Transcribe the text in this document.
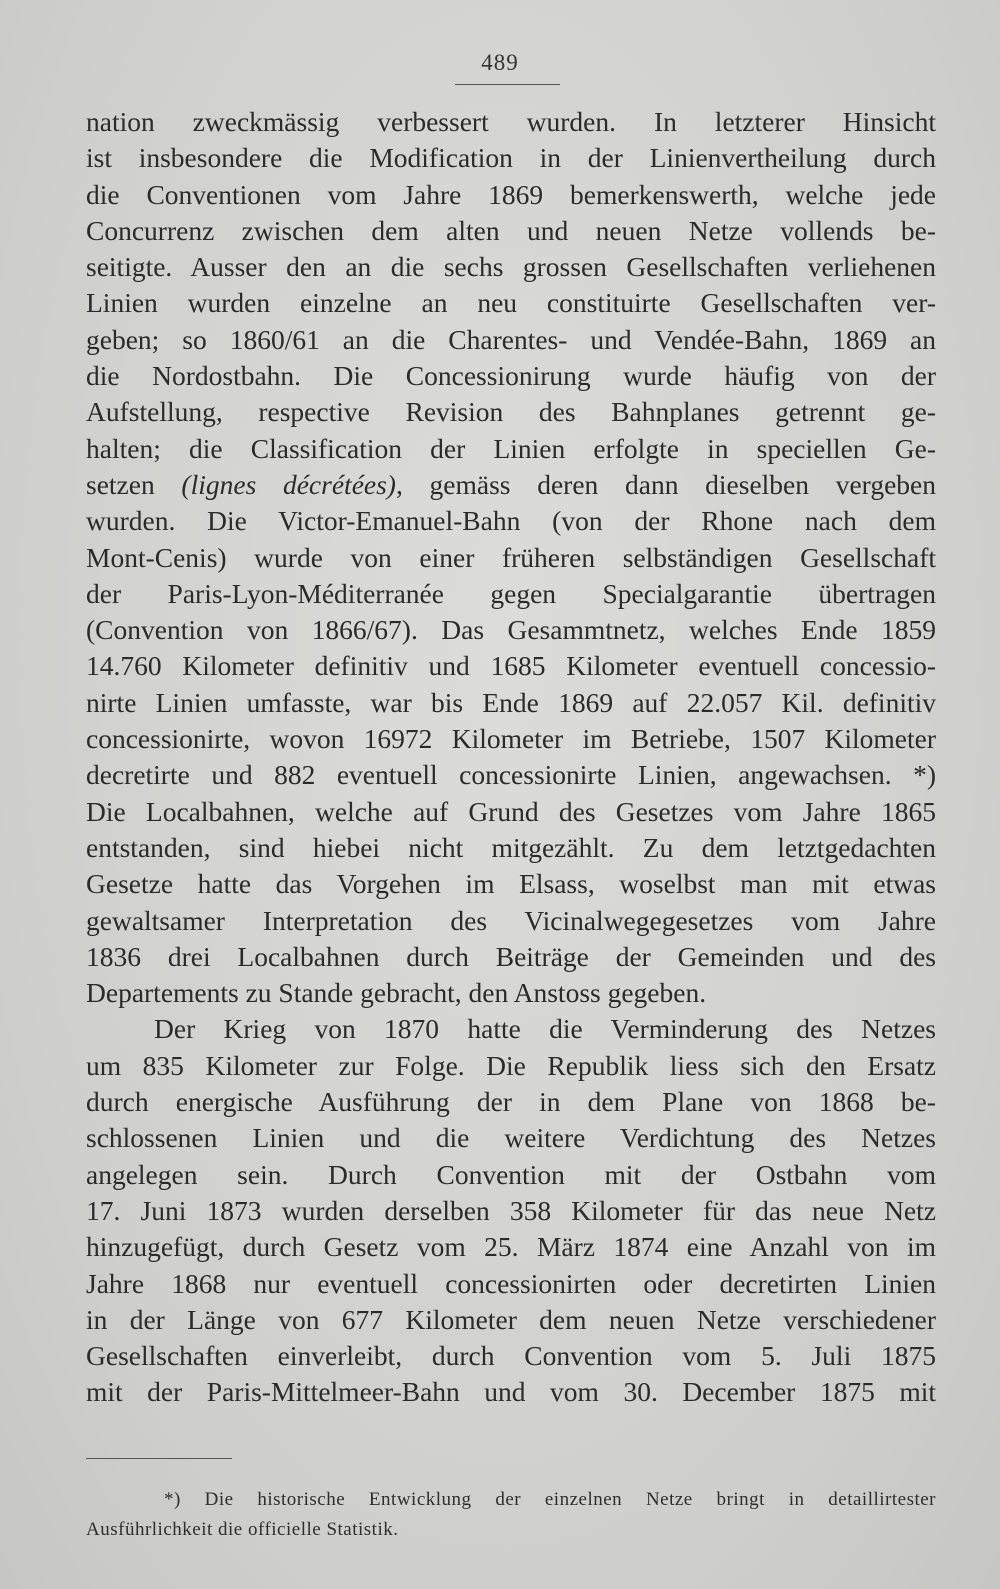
489
nation zweckmässig verbessert wurden. In letzterer Hinsicht
ist insbesondere die Modification in der Linienvertheilung durch
die Conventionen vom Jahre 1869 bemerkenswerth, welche jede
Concurrenz zwischen dem alten und neuen Netze vollends be-
seitigte. Ausser den an die sechs grossen Gesellschaften verliehenen
Linien wurden einzelne an neu constituirte Gesellschaften ver-
geben; so 1860/61 an die Charentes- und Vendée-Bahn, 1869 an
die Nordostbahn. Die Concessionirung wurde häufig von der
Aufstellung, respective Revision des Bahnplanes getrennt ge-
halten; die Classification der Linien erfolgte in speciellen Ge-
setzen (lignes décrétées), gemäss deren dann dieselben vergeben
wurden. Die Victor-Emanuel-Bahn (von der Rhone nach dem
Mont-Cenis) wurde von einer früheren selbständigen Gesellschaft
der Paris-Lyon-Méditerranée gegen Specialgarantie übertragen
(Convention von 1866/67). Das Gesammtnetz, welches Ende 1859
14.760 Kilometer definitiv und 1685 Kilometer eventuell concessio-
nirte Linien umfasste, war bis Ende 1869 auf 22.057 Kil. definitiv
concessionirte, wovon 16972 Kilometer im Betriebe, 1507 Kilometer
decretirte und 882 eventuell concessionirte Linien, angewachsen. *)
Die Localbahnen, welche auf Grund des Gesetzes vom Jahre 1865
entstanden, sind hiebei nicht mitgezählt. Zu dem letztgedachten
Gesetze hatte das Vorgehen im Elsass, woselbst man mit etwas
gewaltsamer Interpretation des Vicinalwegegesetzes vom Jahre
1836 drei Localbahnen durch Beiträge der Gemeinden und des
Departements zu Stande gebracht, den Anstoss gegeben.
Der Krieg von 1870 hatte die Verminderung des Netzes
um 835 Kilometer zur Folge. Die Republik liess sich den Ersatz
durch energische Ausführung der in dem Plane von 1868 be-
schlossenen Linien und die weitere Verdichtung des Netzes
angelegen sein. Durch Convention mit der Ostbahn vom
17. Juni 1873 wurden derselben 358 Kilometer für das neue Netz
hinzugefügt, durch Gesetz vom 25. März 1874 eine Anzahl von im
Jahre 1868 nur eventuell concessionirten oder decretirten Linien
in der Länge von 677 Kilometer dem neuen Netze verschiedener
Gesellschaften einverleibt, durch Convention vom 5. Juli 1875
mit der Paris-Mittelmeer-Bahn und vom 30. December 1875 mit
*) Die historische Entwicklung der einzelnen Netze bringt in detaillirtester
Ausführlichkeit die officielle Statistik.
